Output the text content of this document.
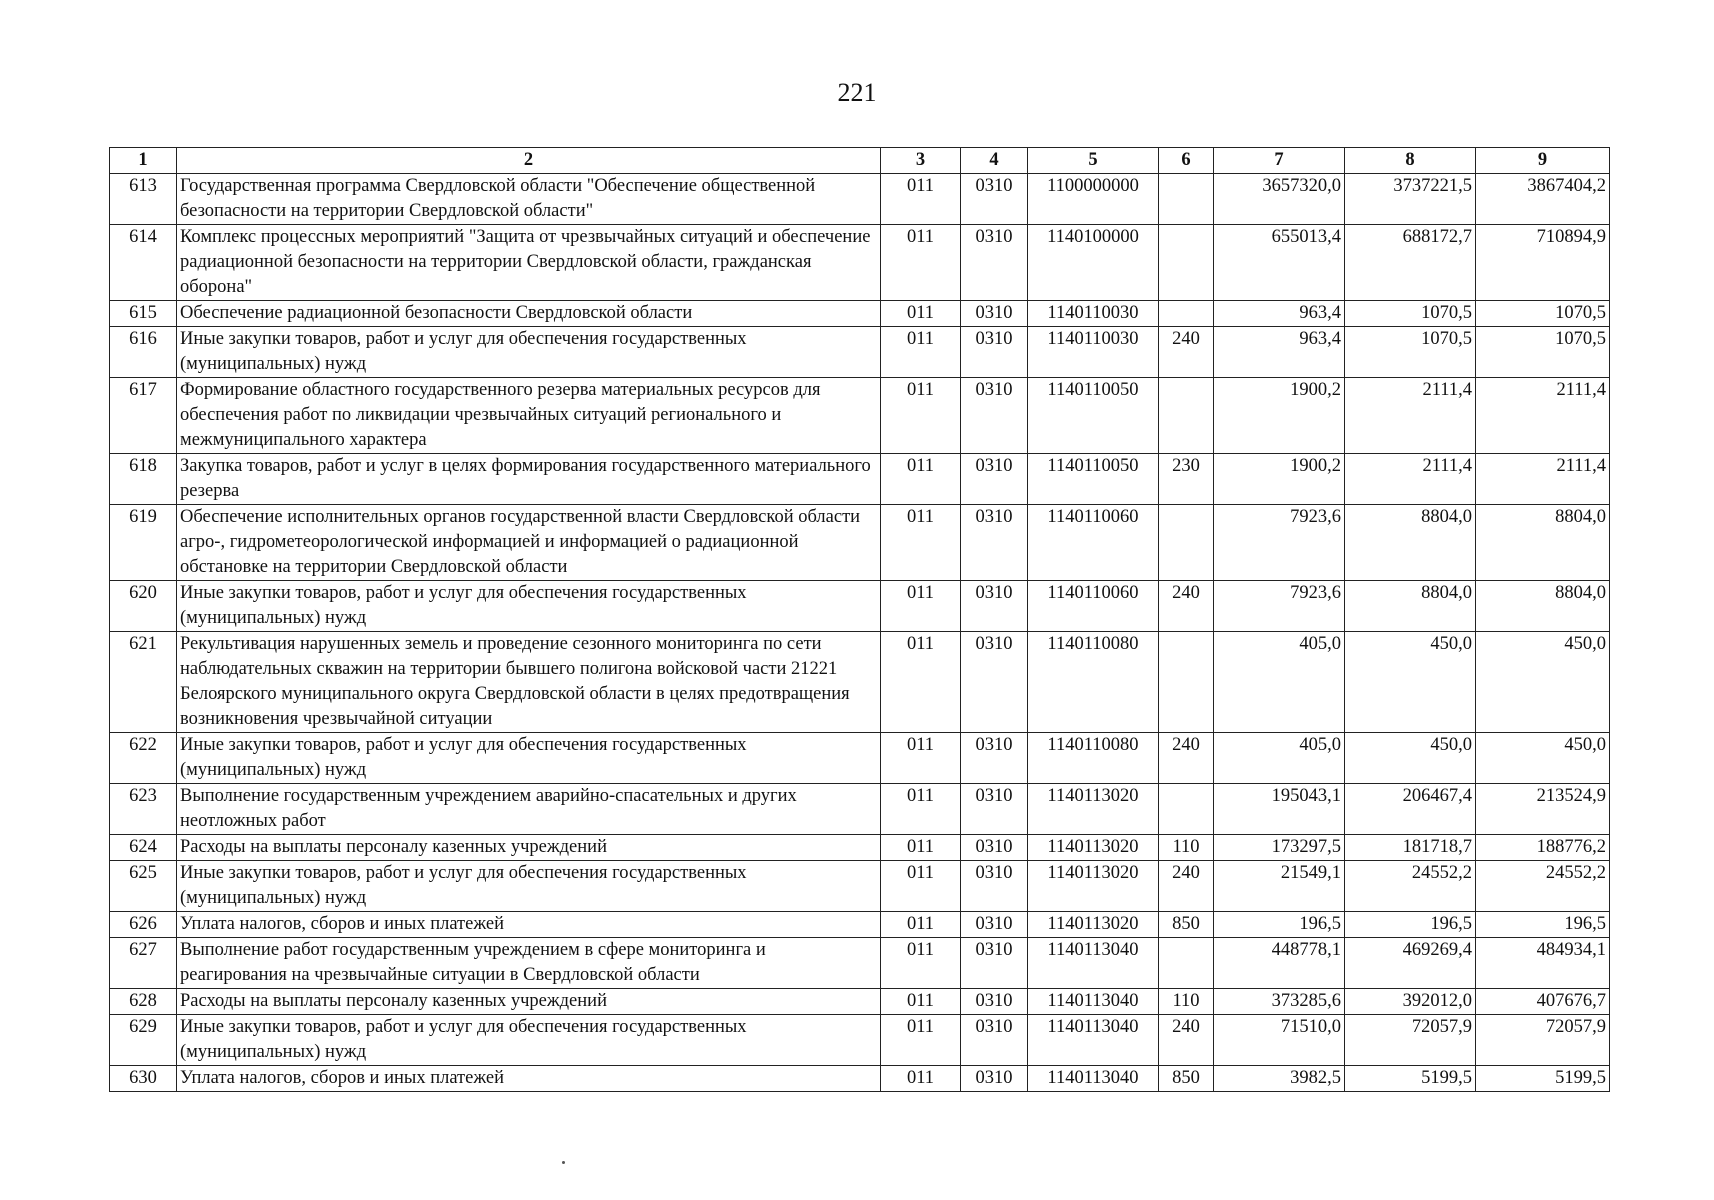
221
1	2	3	4	5	6	7	8	9
613	Государственная программа Свердловской области "Обеспечение общественной безопасности на территории Свердловской области"	011	0310	1100000000		3657320,0	3737221,5	3867404,2
614	Комплекс процессных мероприятий "Защита от чрезвычайных ситуаций и обеспечение радиационной безопасности на территории Свердловской области, гражданская оборона"	011	0310	1140100000		655013,4	688172,7	710894,9
615	Обеспечение радиационной безопасности Свердловской области	011	0310	1140110030		963,4	1070,5	1070,5
616	Иные закупки товаров, работ и услуг для обеспечения государственных (муниципальных) нужд	011	0310	1140110030	240	963,4	1070,5	1070,5
617	Формирование областного государственного резерва материальных ресурсов для обеспечения работ по ликвидации чрезвычайных ситуаций регионального и межмуниципального характера	011	0310	1140110050		1900,2	2111,4	2111,4
618	Закупка товаров, работ и услуг в целях формирования государственного материального резерва	011	0310	1140110050	230	1900,2	2111,4	2111,4
619	Обеспечение исполнительных органов государственной власти Свердловской области агро-, гидрометеорологической информацией и информацией о радиационной обстановке на территории Свердловской области	011	0310	1140110060		7923,6	8804,0	8804,0
620	Иные закупки товаров, работ и услуг для обеспечения государственных (муниципальных) нужд	011	0310	1140110060	240	7923,6	8804,0	8804,0
621	Рекультивация нарушенных земель и проведение сезонного мониторинга по сети наблюдательных скважин на территории бывшего полигона войсковой части 21221 Белоярского муниципального округа Свердловской области в целях предотвращения возникновения чрезвычайной ситуации	011	0310	1140110080		405,0	450,0	450,0
622	Иные закупки товаров, работ и услуг для обеспечения государственных (муниципальных) нужд	011	0310	1140110080	240	405,0	450,0	450,0
623	Выполнение государственным учреждением аварийно-спасательных и других неотложных работ	011	0310	1140113020		195043,1	206467,4	213524,9
624	Расходы на выплаты персоналу казенных учреждений	011	0310	1140113020	110	173297,5	181718,7	188776,2
625	Иные закупки товаров, работ и услуг для обеспечения государственных (муниципальных) нужд	011	0310	1140113020	240	21549,1	24552,2	24552,2
626	Уплата налогов, сборов и иных платежей	011	0310	1140113020	850	196,5	196,5	196,5
627	Выполнение работ государственным учреждением в сфере мониторинга и реагирования на чрезвычайные ситуации в Свердловской области	011	0310	1140113040		448778,1	469269,4	484934,1
628	Расходы на выплаты персоналу казенных учреждений	011	0310	1140113040	110	373285,6	392012,0	407676,7
629	Иные закупки товаров, работ и услуг для обеспечения государственных (муниципальных) нужд	011	0310	1140113040	240	71510,0	72057,9	72057,9
630	Уплата налогов, сборов и иных платежей	011	0310	1140113040	850	3982,5	5199,5	5199,5
